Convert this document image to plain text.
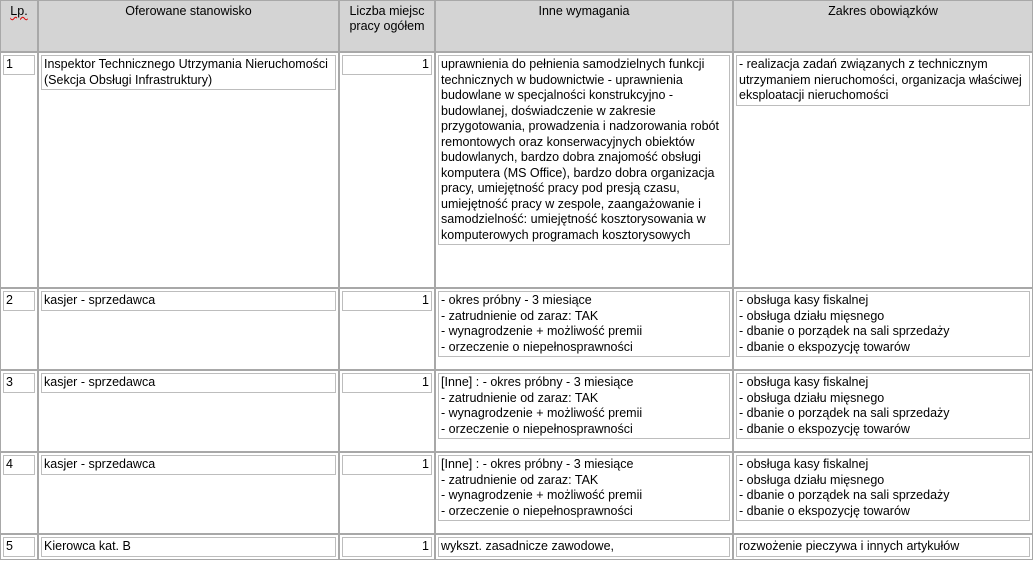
Lp.	Oferowane stanowisko	Liczba miejsc
pracy ogółem	Inne wymagania	Zakres obowiązków

1	Inspektor Technicznego Utrzymania Nieruchomości (Sekcja Obsługi Infrastruktury)	1	uprawnienia do pełnienia samodzielnych funkcji technicznych w budownictwie - uprawnienia budowlane w specjalności konstrukcyjno - budowlanej, doświadczenie w zakresie przygotowania, prowadzenia i nadzorowania robót remontowych oraz konserwacyjnych obiektów budowlanych, bardzo dobra znajomość obsługi komputera (MS Office), bardzo dobra organizacja pracy, umiejętność pracy pod presją czasu, umiejętność pracy w zespole, zaangażowanie i samodzielność: umiejętność kosztorysowania w komputerowych programach kosztorysowych	- realizacja zadań związanych z technicznym utrzymaniem nieruchomości, organizacja właściwej eksploatacji nieruchomości

2	kasjer - sprzedawca	1	- okres próbny - 3 miesiące
- zatrudnienie od zaraz: TAK
- wynagrodzenie + możliwość premii
- orzeczenie o niepełnosprawności	- obsługa kasy fiskalnej
- obsługa działu mięsnego
- dbanie o porządek na sali sprzedaży
- dbanie o ekspozycję towarów

3	kasjer - sprzedawca	1	[Inne] : - okres próbny - 3 miesiące
- zatrudnienie od zaraz: TAK
- wynagrodzenie + możliwość premii
- orzeczenie o niepełnosprawności	- obsługa kasy fiskalnej
- obsługa działu mięsnego
- dbanie o porządek na sali sprzedaży
- dbanie o ekspozycję towarów

4	kasjer - sprzedawca	1	[Inne] : - okres próbny - 3 miesiące
- zatrudnienie od zaraz: TAK
- wynagrodzenie + możliwość premii
- orzeczenie o niepełnosprawności	- obsługa kasy fiskalnej
- obsługa działu mięsnego
- dbanie o porządek na sali sprzedaży
- dbanie o ekspozycję towarów

5	Kierowca kat. B	1	wykszt. zasadnicze zawodowe,	rozwożenie pieczywa i innych artykułów
